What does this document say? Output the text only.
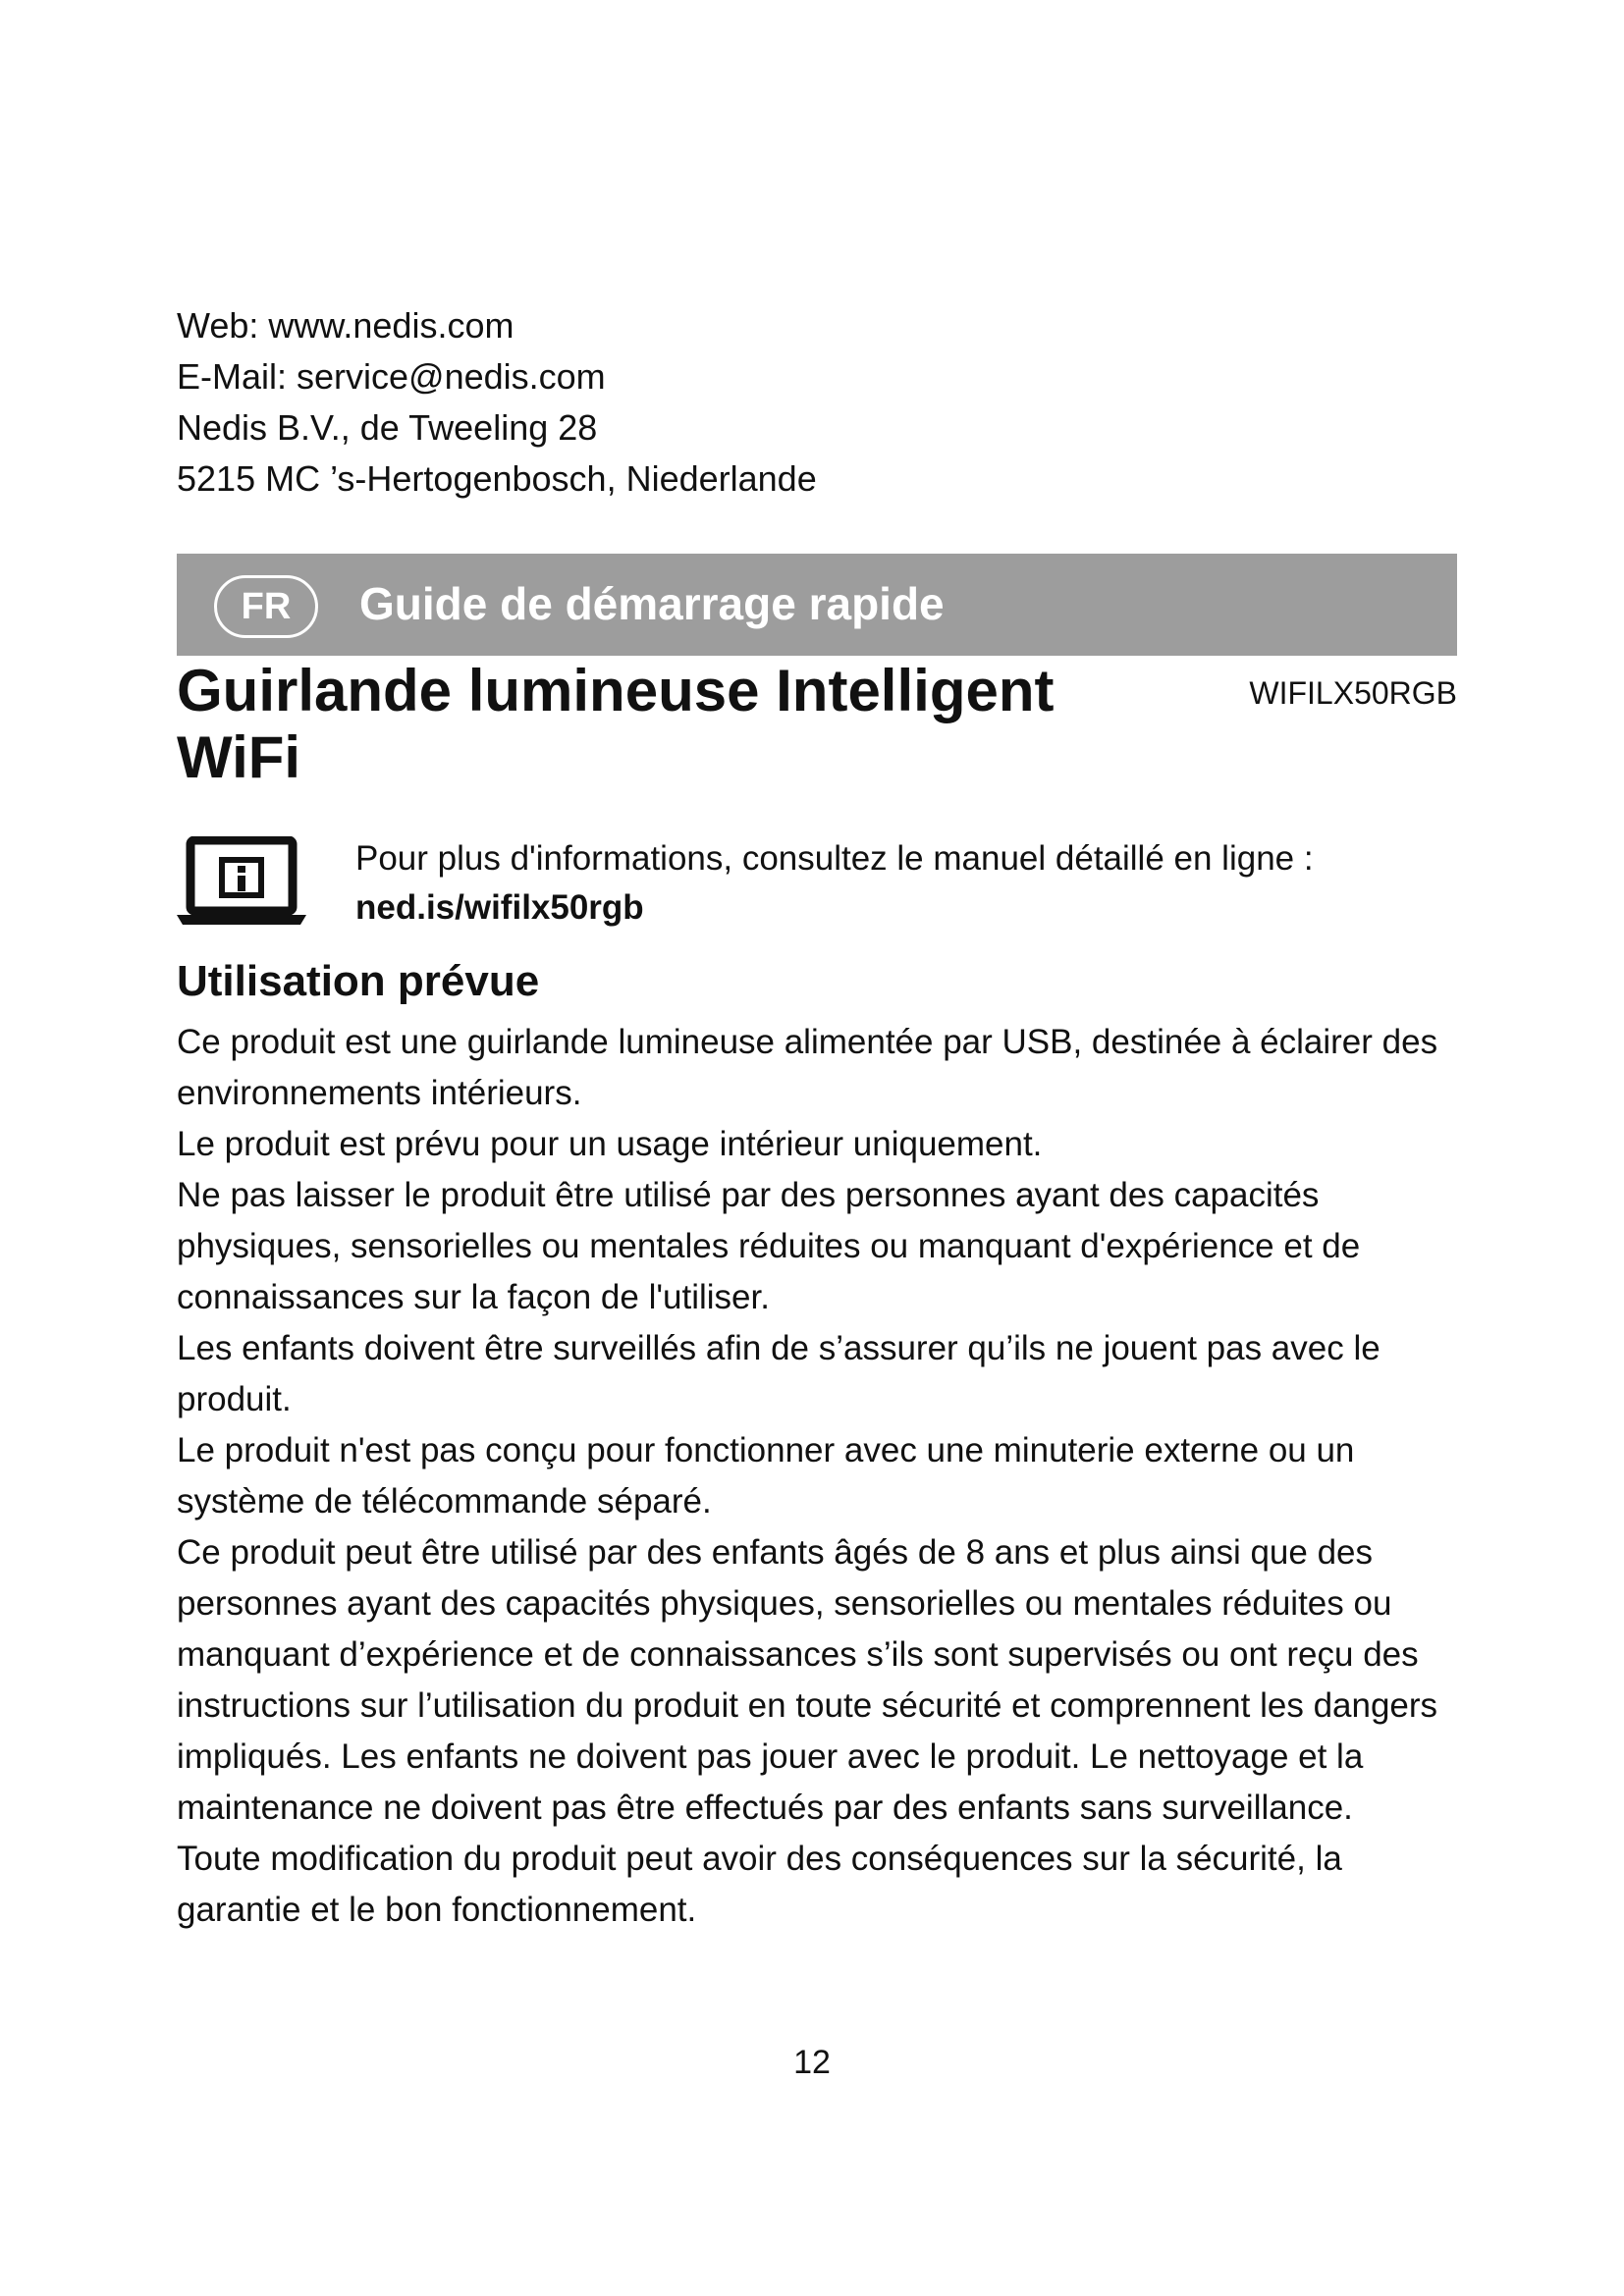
Web: www.nedis.com
E-Mail: service@nedis.com
Nedis B.V., de Tweeling 28
5215 MC ’s-Hertogenbosch, Niederlande
FR	Guide de démarrage rapide
Guirlande lumineuse Intelligent
WiFi
WIFILX50RGB
Pour plus d'informations, consultez le manuel détaillé en ligne :
ned.is/wifilx50rgb
Utilisation prévue

Ce produit est une guirlande lumineuse alimentée par USB, destinée à éclairer des environnements intérieurs.

Le produit est prévu pour un usage intérieur uniquement.

Ne pas laisser le produit être utilisé par des personnes ayant des capacités physiques, sensorielles ou mentales réduites ou manquant d'expérience et de connaissances sur la façon de l'utiliser.

Les enfants doivent être surveillés afin de s’assurer qu’ils ne jouent pas avec le produit.

Le produit n'est pas conçu pour fonctionner avec une minuterie externe ou un système de télécommande séparé.

Ce produit peut être utilisé par des enfants âgés de 8 ans et plus ainsi que des personnes ayant des capacités physiques, sensorielles ou mentales réduites ou manquant d’expérience et de connaissances s’ils sont supervisés ou ont reçu des instructions sur l’utilisation du produit en toute sécurité et comprennent les dangers impliqués. Les enfants ne doivent pas jouer avec le produit. Le nettoyage et la maintenance ne doivent pas être effectués par des enfants sans surveillance.

Toute modification du produit peut avoir des conséquences sur la sécurité, la garantie et le bon fonctionnement.

12
